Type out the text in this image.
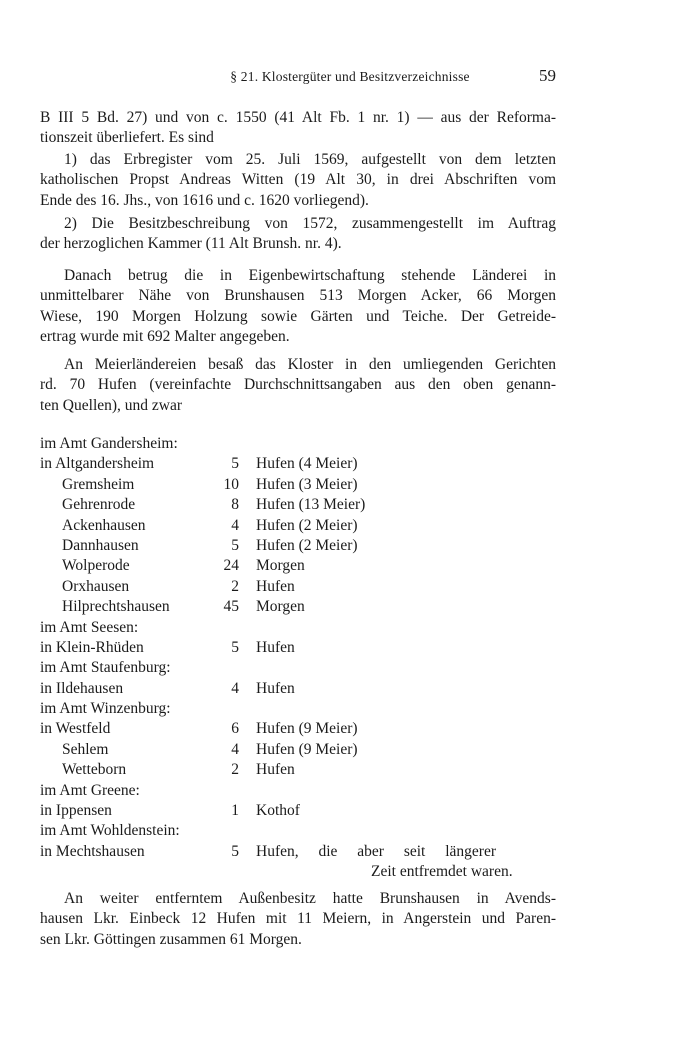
§ 21. Klostergüter und Besitzverzeichnisse	59
B III 5 Bd. 27) und von c. 1550 (41 Alt Fb. 1 nr. 1) — aus der Reforma-
tionszeit überliefert. Es sind
1) das Erbregister vom 25. Juli 1569, aufgestellt von dem letzten
katholischen Propst Andreas Witten (19 Alt 30, in drei Abschriften vom
Ende des 16. Jhs., von 1616 und c. 1620 vorliegend).
2) Die Besitzbeschreibung von 1572, zusammengestellt im Auftrag
der herzoglichen Kammer (11 Alt Brunsh. nr. 4).
Danach betrug die in Eigenbewirtschaftung stehende Länderei in
unmittelbarer Nähe von Brunshausen 513 Morgen Acker, 66 Morgen
Wiese, 190 Morgen Holzung sowie Gärten und Teiche. Der Getreide-
ertrag wurde mit 692 Malter angegeben.
An Meierländereien besaß das Kloster in den umliegenden Gerichten
rd. 70 Hufen (vereinfachte Durchschnittsangaben aus den oben genann-
ten Quellen), und zwar
im Amt Gandersheim:
in Altgandersheim	5 Hufen (4 Meier)
Gremsheim	10 Hufen (3 Meier)
Gehrenrode	8 Hufen (13 Meier)
Ackenhausen	4 Hufen (2 Meier)
Dannhausen	5 Hufen (2 Meier)
Wolperode	24 Morgen
Orxhausen	2 Hufen
Hilprechtshausen	45 Morgen
im Amt Seesen:
in Klein-Rhüden	5 Hufen
im Amt Staufenburg:
in Ildehausen	4 Hufen
im Amt Winzenburg:
in Westfeld	6 Hufen (9 Meier)
Sehlem	4 Hufen (9 Meier)
Wetteborn	2 Hufen
im Amt Greene:
in Ippensen	1 Kothof
im Amt Wohldenstein:
in Mechtshausen	5 Hufen, die aber seit längerer
Zeit entfremdet waren.
An weiter entferntem Außenbesitz hatte Brunshausen in Avends-
hausen Lkr. Einbeck 12 Hufen mit 11 Meiern, in Angerstein und Paren-
sen Lkr. Göttingen zusammen 61 Morgen.
